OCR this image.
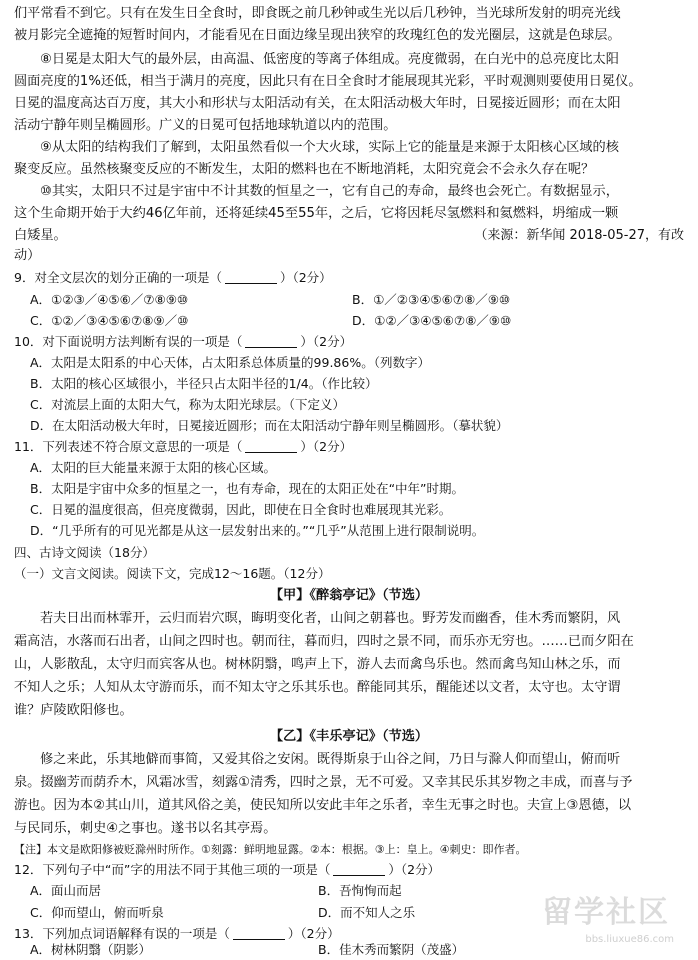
们平常看不到它。只有在发生日全食时，即食既之前几秒钟或生光以后几秒钟，当光球所发射的明亮光线
被月影完全遮掩的短暂时间内，才能看见在日面边缘呈现出狭窄的玫瑰红色的发光圈层，这就是色球层。
⑧日冕是太阳大气的最外层，由高温、低密度的等离子体组成。亮度微弱，在白光中的总亮度比太阳
圆面亮度的1%还低，相当于满月的亮度，因此只有在日全食时才能展现其光彩，平时观测则要使用日冕仪。
日冕的温度高达百万度，其大小和形状与太阳活动有关，在太阳活动极大年时，日冕接近圆形；而在太阳
活动宁静年则呈椭圆形。广义的日冕可包括地球轨道以内的范围。
⑨从太阳的结构我们了解到，太阳虽然看似一个大火球，实际上它的能量是来源于太阳核心区域的核
聚变反应。虽然核聚变反应的不断发生，太阳的燃料也在不断地消耗，太阳究竟会不会永久存在呢？
⑩其实，太阳只不过是宇宙中不计其数的恒星之一，它有自己的寿命，最终也会死亡。有数据显示，
这个生命期开始于大约46亿年前，还将延续45至55年，之后，它将因耗尽氢燃料和氦燃料，坍缩成一颗
白矮星。	（来源：新华闻 2018-05-27，有改
动）
9．对全文层次的划分正确的一项是（	）（2分）
A．①②③／④⑤⑥／⑦⑧⑨⑩	B．①／②③④⑤⑥⑦⑧／⑨⑩
C．①②／③④⑤⑥⑦⑧⑨／⑩	D．①②／③④⑤⑥⑦⑧／⑨⑩
10．对下面说明方法判断有误的一项是（	）（2分）
A．太阳是太阳系的中心天体，占太阳系总体质量的99.86%。（列数字）
B．太阳的核心区域很小，半径只占太阳半径的1/4。（作比较）
C．对流层上面的太阳大气，称为太阳光球层。（下定义）
D．在太阳活动极大年时，日冕接近圆形；而在太阳活动宁静年则呈椭圆形。（摹状貌）
11．下列表述不符合原文意思的一项是（	）（2分）
A．太阳的巨大能量来源于太阳的核心区域。
B．太阳是宇宙中众多的恒星之一，也有寿命，现在的太阳正处在“中年”时期。
C．日冕的温度很高，但亮度微弱，因此，即使在日全食时也难展现其光彩。
D．“几乎所有的可见光都是从这一层发射出来的。”“几乎”从范围上进行限制说明。
四、古诗文阅读（18分）
（一）文言文阅读。阅读下文，完成12～16题。（12分）
【甲】《醉翁亭记》（节选）
若夫日出而林霏开，云归而岩穴暝，晦明变化者，山间之朝暮也。野芳发而幽香，佳木秀而繁阴，风
霜高洁，水落而石出者，山间之四时也。朝而往，暮而归，四时之景不同，而乐亦无穷也。……已而夕阳在
山，人影散乱，太守归而宾客从也。树林阴翳，鸣声上下，游人去而禽鸟乐也。然而禽鸟知山林之乐，而
不知人之乐；人知从太守游而乐，而不知太守之乐其乐也。醉能同其乐，醒能述以文者，太守也。太守谓
谁？庐陵欧阳修也。
【乙】《丰乐亭记》（节选）
修之来此，乐其地僻而事简，又爱其俗之安闲。既得斯泉于山谷之间，乃日与滁人仰而望山，俯而听
泉。掇幽芳而荫乔木，风霜冰雪，刻露①清秀，四时之景，无不可爱。又幸其民乐其岁物之丰成，而喜与予
游也。因为本②其山川，道其风俗之美，使民知所以安此丰年之乐者，幸生无事之时也。夫宣上③恩德，以
与民同乐，刺史④之事也。遂书以名其亭焉。
【注】本文是欧阳修被贬滁州时所作。①刻露：鲜明地显露。②本：根据。③上：皇上。④刺史：即作者。
12．下列句子中“而”字的用法不同于其他三项的一项是（	）（2分）
A．面山而居	B．吾恂恂而起
C．仰而望山，俯而听泉	D．而不知人之乐
13．下列加点词语解释有误的一项是（	）（2分）
A．树林阴翳（阴影）	B．佳木秀而繁阴（茂盛）
留学社区
bbs.liuxue86.com
